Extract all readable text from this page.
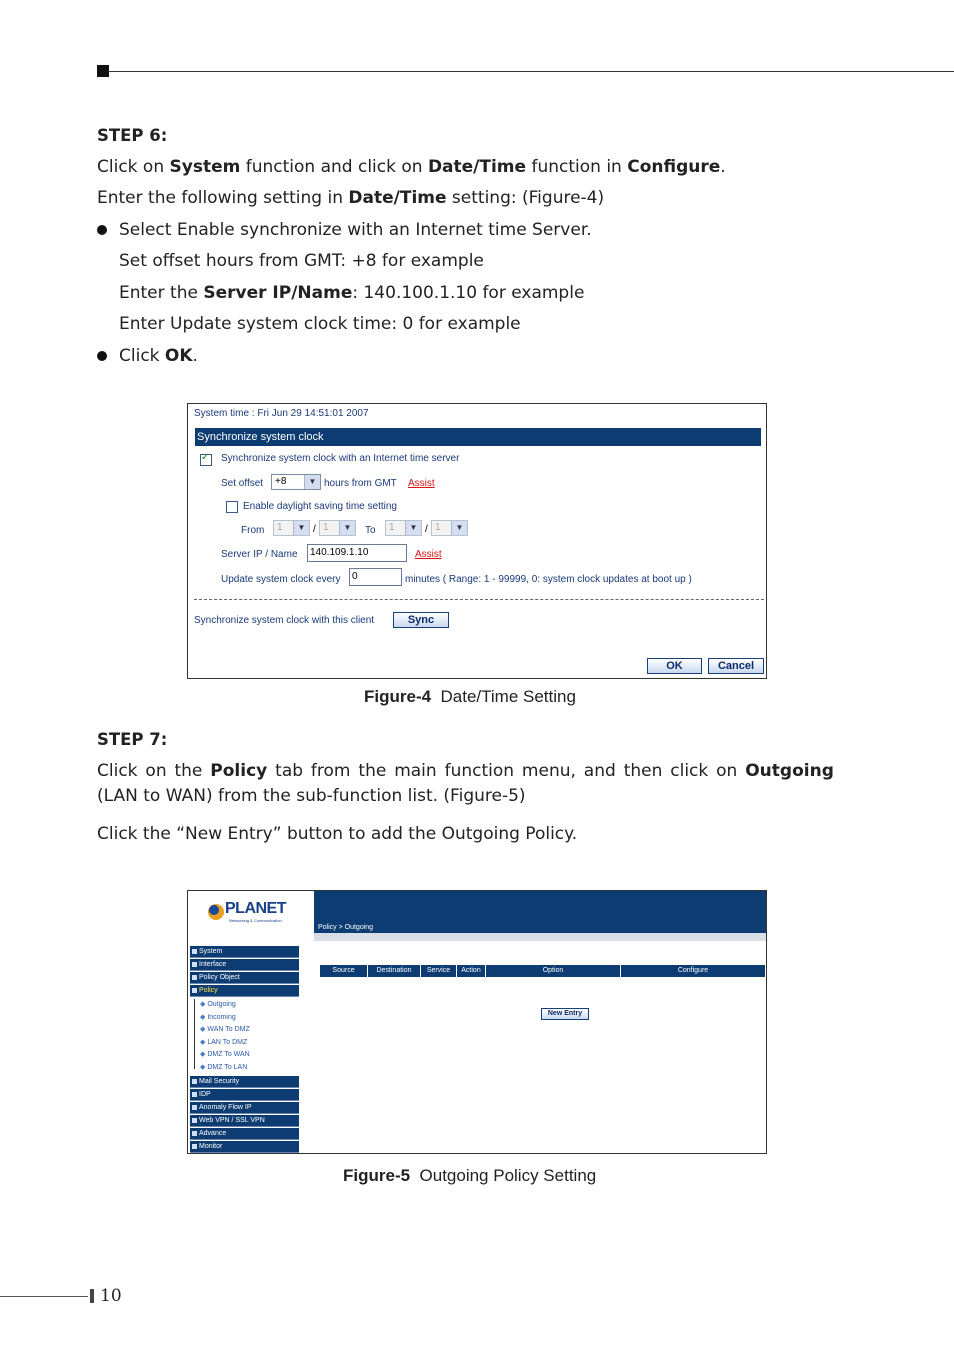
STEP 6:
Click on System function and click on Date/Time function in Configure.
Enter the following setting in Date/Time setting: (Figure-4)
Select Enable synchronize with an Internet time Server.
Set offset hours from GMT: +8 for example
Enter the Server IP/Name: 140.100.1.10 for example
Enter Update system clock time: 0 for example
Click OK.
System time : Fri Jun 29 14:51:01 2007
Synchronize system clock
✓
Synchronize system clock with an Internet time server
Set offset	+8	▼ hours from GMT Assist
Enable daylight saving time setting
From	1	▼ / 1	▼	To	1	▼ / 1	▼
Server IP / Name	140.109.1.10	Assist
Update system clock every	0	minutes ( Range: 1 - 99999, 0: system clock updates at boot up )
Synchronize system clock with this client	Sync
OK	Cancel
Figure-4 Date/Time Setting
STEP 7:
Click on the Policy tab from the main function menu, and then click on Outgoing
(LAN to WAN) from the sub-function list. (Figure-5)
Click the “New Entry” button to add the Outgoing Policy.
PLANET
Networking & Communication
Policy > Outgoing
System
Interface
Policy Object
Policy
◆ Outgoing
◆ Incoming
◆ WAN To DMZ
◆ LAN To DMZ
◆ DMZ To WAN
◆ DMZ To LAN
Mail Security
IDP
Anomaly Flow IP
Web VPN / SSL VPN
Advance
Monitor
Source	Destination	Service	Action	Option	Configure
New Entry
Figure-5 Outgoing Policy Setting
10
